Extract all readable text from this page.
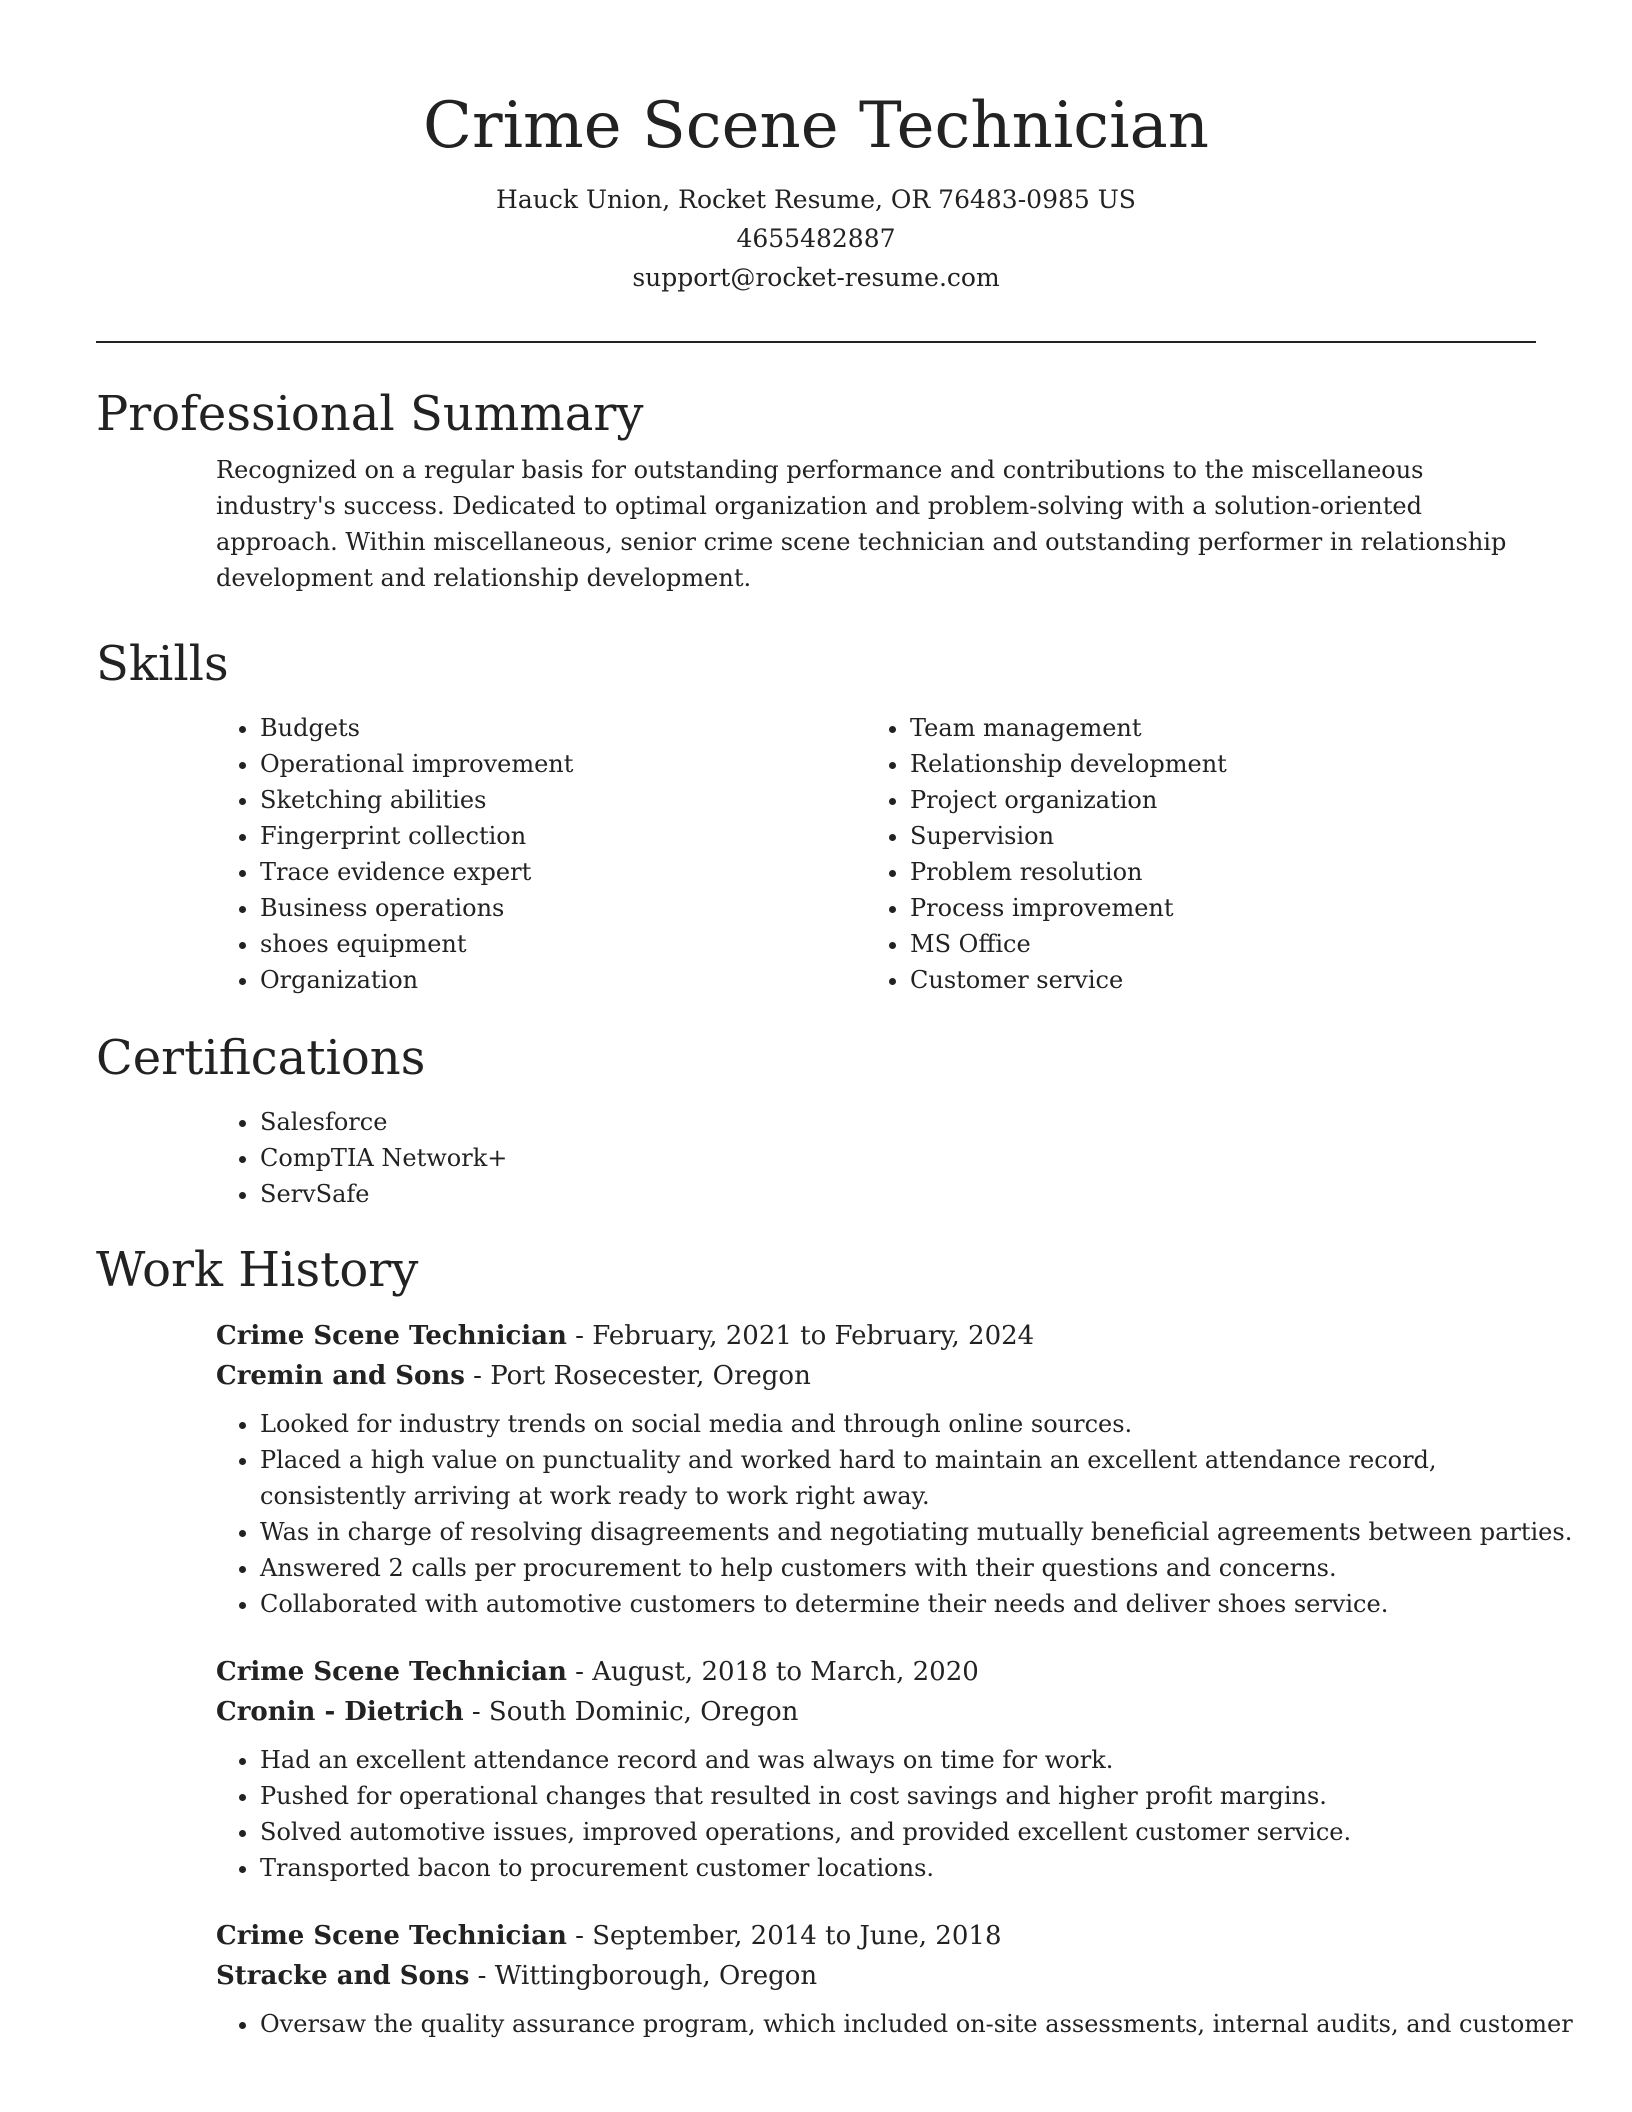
Crime Scene Technician
Hauck Union, Rocket Resume, OR 76483-0985 US
4655482887
support@rocket-resume.com
Professional Summary

Recognized on a regular basis for outstanding performance and contributions to the miscellaneous industry's success. Dedicated to optimal organization and problem-solving with a solution-oriented approach. Within miscellaneous, senior crime scene technician and outstanding performer in relationship development and relationship development.

Skills
• Budgets
• Operational improvement
• Sketching abilities
• Fingerprint collection
• Trace evidence expert
• Business operations
• shoes equipment
• Organization
• Team management
• Relationship development
• Project organization
• Supervision
• Problem resolution
• Process improvement
• MS Office
• Customer service
Certifications
• Salesforce
• CompTIA Network+
• ServSafe
Work History
Crime Scene Technician - February, 2021 to February, 2024
Cremin and Sons - Port Rosecester, Oregon
• Looked for industry trends on social media and through online sources.
• Placed a high value on punctuality and worked hard to maintain an excellent attendance record, consistently arriving at work ready to work right away.
• Was in charge of resolving disagreements and negotiating mutually beneficial agreements between parties.
• Answered 2 calls per procurement to help customers with their questions and concerns.
• Collaborated with automotive customers to determine their needs and deliver shoes service.
Crime Scene Technician - August, 2018 to March, 2020
Cronin - Dietrich - South Dominic, Oregon
• Had an excellent attendance record and was always on time for work.
• Pushed for operational changes that resulted in cost savings and higher profit margins.
• Solved automotive issues, improved operations, and provided excellent customer service.
• Transported bacon to procurement customer locations.
Crime Scene Technician - September, 2014 to June, 2018
Stracke and Sons - Wittingborough, Oregon
• Oversaw the quality assurance program, which included on-site assessments, internal audits, and customer
